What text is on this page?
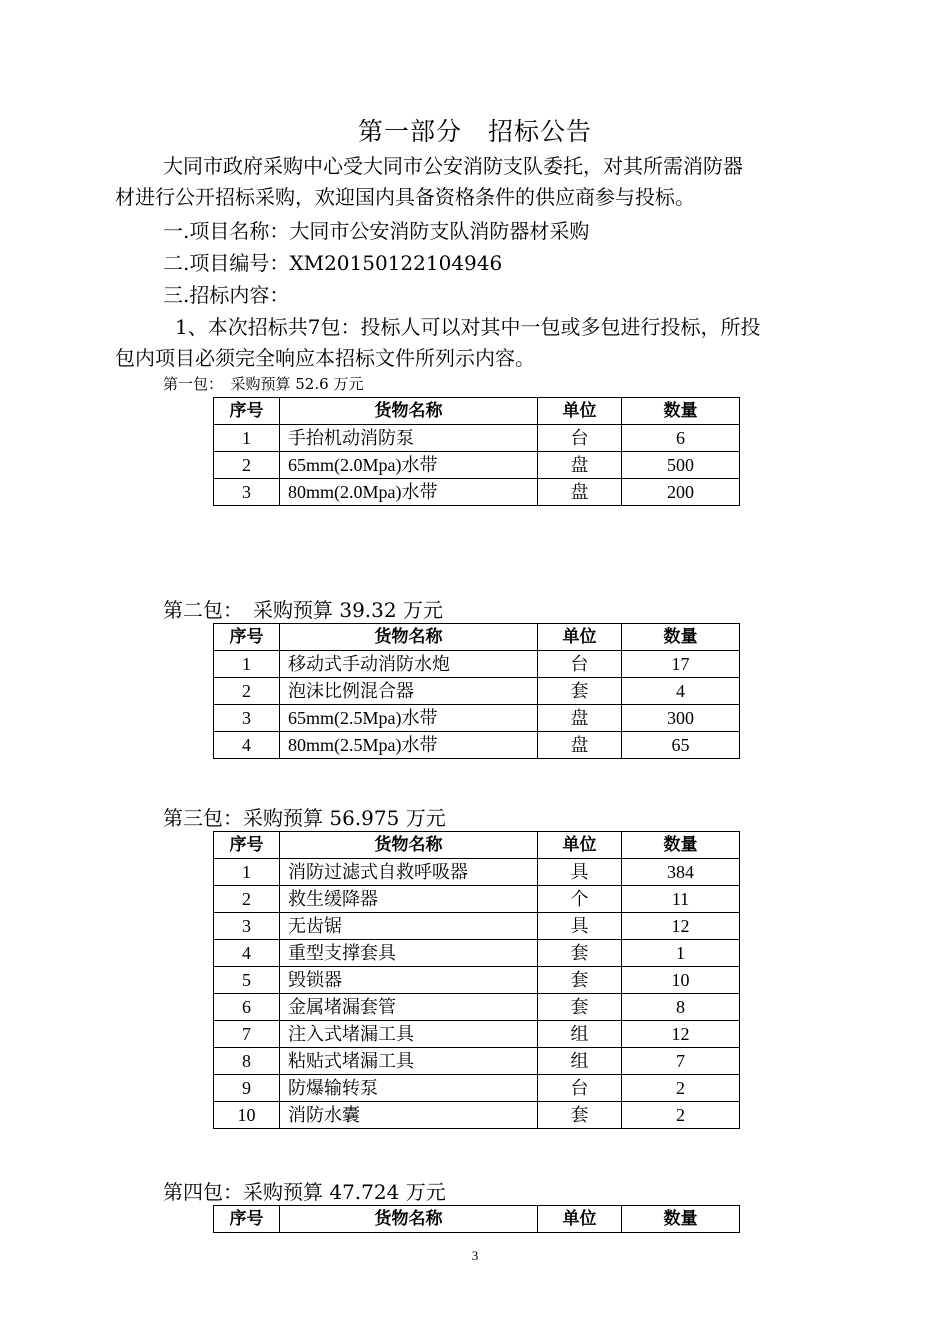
第一部分　招标公告
大同市政府采购中心受大同市公安消防支队委托，对其所需消防器
材进行公开招标采购，欢迎国内具备资格条件的供应商参与投标。
一.项目名称：大同市公安消防支队消防器材采购
二.项目编号：XM20150122104946
三.招标内容：
1、本次招标共7包：投标人可以对其中一包或多包进行投标，所投
包内项目必须完全响应本招标文件所列示内容。
第一包：　采购预算 52.6 万元
序号	货物名称	单位	数量
1	手抬机动消防泵	台	6
2	65mm(2.0Mpa)水带	盘	500
3	80mm(2.0Mpa)水带	盘	200
第二包：　采购预算 39.32 万元
序号	货物名称	单位	数量
1	移动式手动消防水炮	台	17
2	泡沫比例混合器	套	4
3	65mm(2.5Mpa)水带	盘	300
4	80mm(2.5Mpa)水带	盘	65
第三包：采购预算 56.975 万元
序号	货物名称	单位	数量
1	消防过滤式自救呼吸器	具	384
2	救生缓降器	个	11
3	无齿锯	具	12
4	重型支撑套具	套	1
5	毁锁器	套	10
6	金属堵漏套管	套	8
7	注入式堵漏工具	组	12
8	粘贴式堵漏工具	组	7
9	防爆输转泵	台	2
10	消防水囊	套	2
第四包：采购预算 47.724 万元
序号	货物名称	单位	数量
3
